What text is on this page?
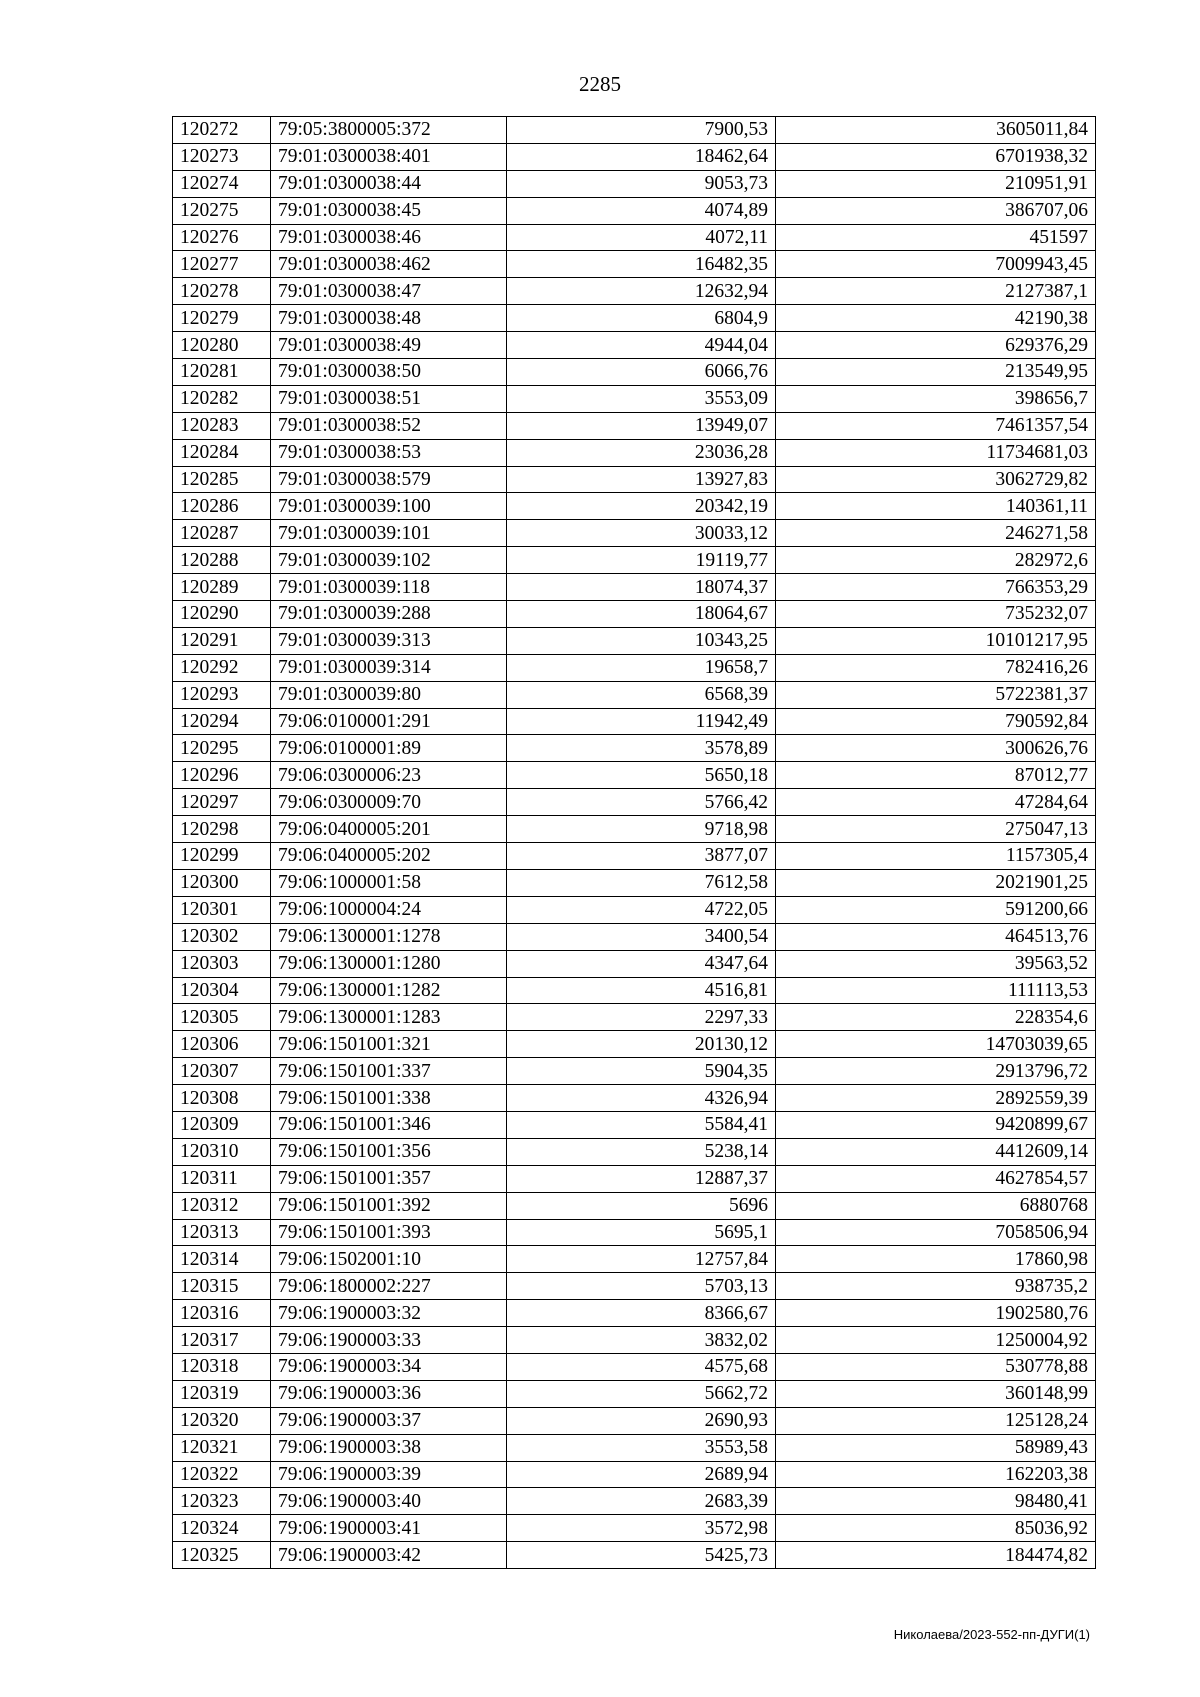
2285
120272	79:05:3800005:372	7900,53	3605011,84
120273	79:01:0300038:401	18462,64	6701938,32
120274	79:01:0300038:44	9053,73	210951,91
120275	79:01:0300038:45	4074,89	386707,06
120276	79:01:0300038:46	4072,11	451597
120277	79:01:0300038:462	16482,35	7009943,45
120278	79:01:0300038:47	12632,94	2127387,1
120279	79:01:0300038:48	6804,9	42190,38
120280	79:01:0300038:49	4944,04	629376,29
120281	79:01:0300038:50	6066,76	213549,95
120282	79:01:0300038:51	3553,09	398656,7
120283	79:01:0300038:52	13949,07	7461357,54
120284	79:01:0300038:53	23036,28	11734681,03
120285	79:01:0300038:579	13927,83	3062729,82
120286	79:01:0300039:100	20342,19	140361,11
120287	79:01:0300039:101	30033,12	246271,58
120288	79:01:0300039:102	19119,77	282972,6
120289	79:01:0300039:118	18074,37	766353,29
120290	79:01:0300039:288	18064,67	735232,07
120291	79:01:0300039:313	10343,25	10101217,95
120292	79:01:0300039:314	19658,7	782416,26
120293	79:01:0300039:80	6568,39	5722381,37
120294	79:06:0100001:291	11942,49	790592,84
120295	79:06:0100001:89	3578,89	300626,76
120296	79:06:0300006:23	5650,18	87012,77
120297	79:06:0300009:70	5766,42	47284,64
120298	79:06:0400005:201	9718,98	275047,13
120299	79:06:0400005:202	3877,07	1157305,4
120300	79:06:1000001:58	7612,58	2021901,25
120301	79:06:1000004:24	4722,05	591200,66
120302	79:06:1300001:1278	3400,54	464513,76
120303	79:06:1300001:1280	4347,64	39563,52
120304	79:06:1300001:1282	4516,81	111113,53
120305	79:06:1300001:1283	2297,33	228354,6
120306	79:06:1501001:321	20130,12	14703039,65
120307	79:06:1501001:337	5904,35	2913796,72
120308	79:06:1501001:338	4326,94	2892559,39
120309	79:06:1501001:346	5584,41	9420899,67
120310	79:06:1501001:356	5238,14	4412609,14
120311	79:06:1501001:357	12887,37	4627854,57
120312	79:06:1501001:392	5696	6880768
120313	79:06:1501001:393	5695,1	7058506,94
120314	79:06:1502001:10	12757,84	17860,98
120315	79:06:1800002:227	5703,13	938735,2
120316	79:06:1900003:32	8366,67	1902580,76
120317	79:06:1900003:33	3832,02	1250004,92
120318	79:06:1900003:34	4575,68	530778,88
120319	79:06:1900003:36	5662,72	360148,99
120320	79:06:1900003:37	2690,93	125128,24
120321	79:06:1900003:38	3553,58	58989,43
120322	79:06:1900003:39	2689,94	162203,38
120323	79:06:1900003:40	2683,39	98480,41
120324	79:06:1900003:41	3572,98	85036,92
120325	79:06:1900003:42	5425,73	184474,82
Николаева/2023-552-пп-ДУГИ(1)
